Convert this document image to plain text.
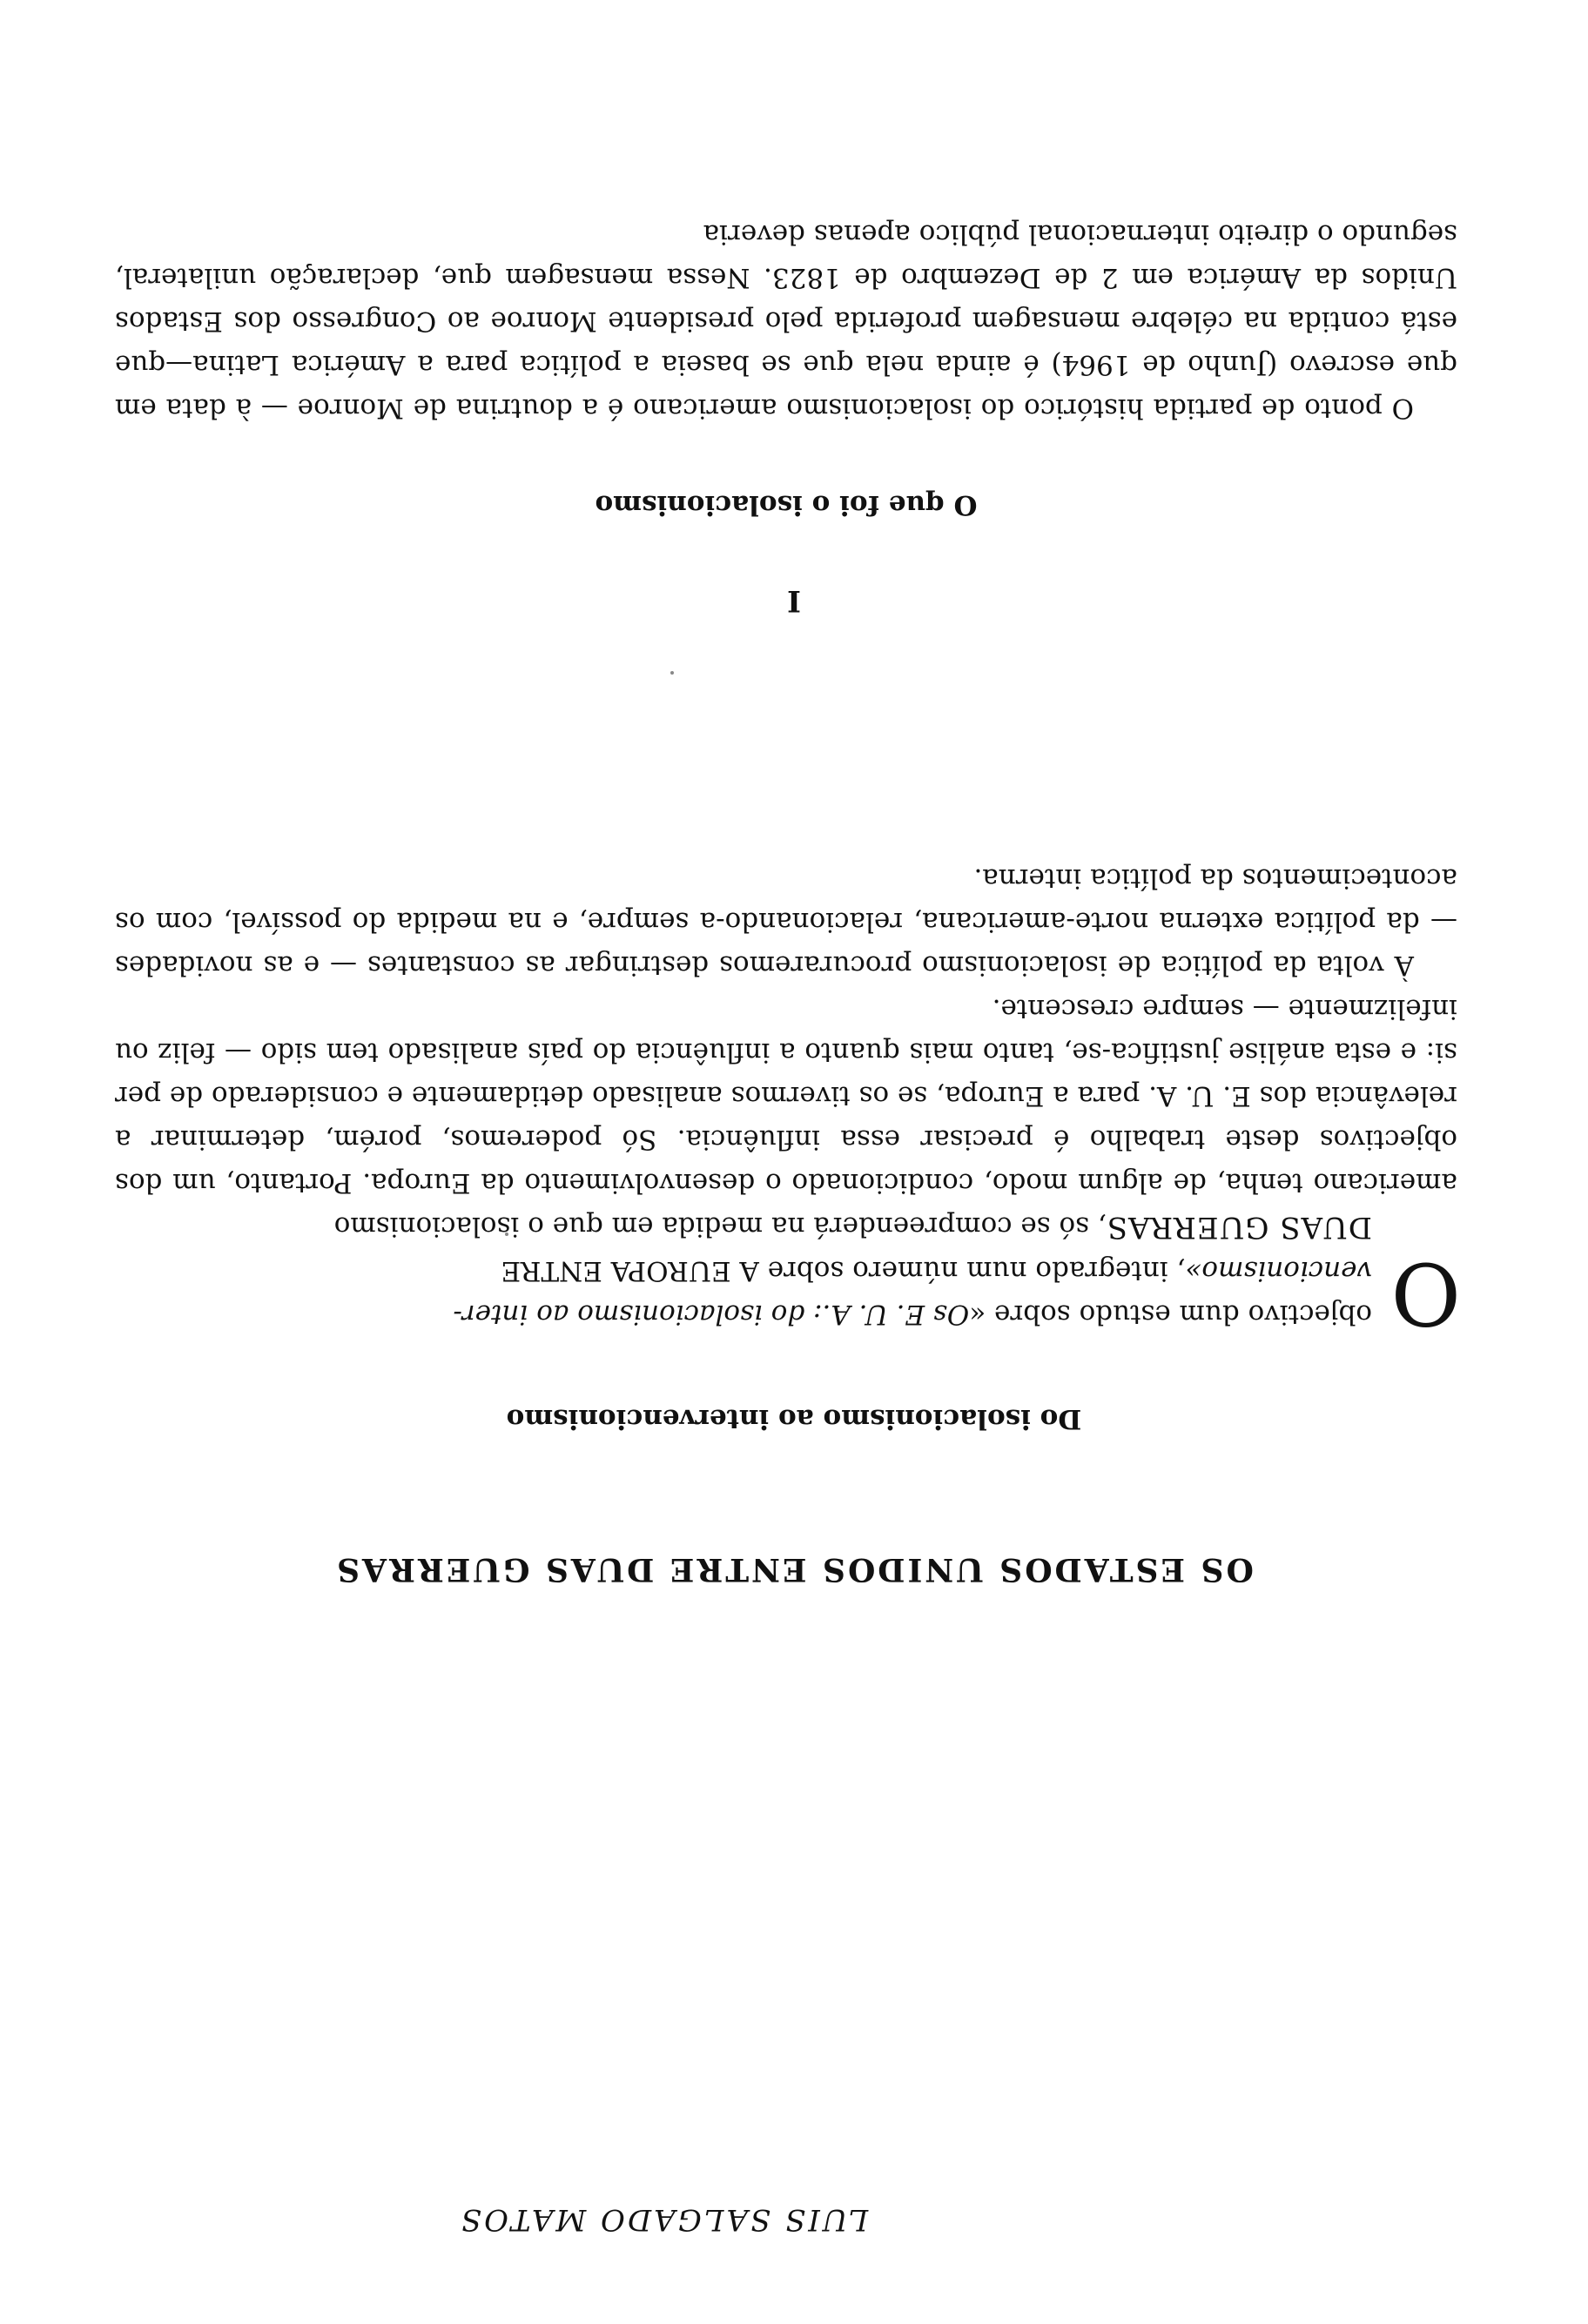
LUIS SALGADO MATOS
OS ESTADOS UNIDOS ENTRE DUAS GUERRAS
Do isolacionismo ao intervencionismo

O
objectivo dum estudo sobre «Os E. U. A.: do isolacionismo ao inter-
vencionismo», integrado num número sobre A EUROPA ENTRE
DUAS GUERRAS, só se compreenderá na medida em que o isolacionismo

americano tenha, de algum modo, condicionado o desenvolvimento da Europa. Portanto, um dos objectivos deste trabalho é precisar essa influência. Só poderemos, porém, determinar a relevância dos E. U. A. para a Europa, se os tivermos analisado detidamente e considerado de per si: e esta análise justifica-se, tanto mais quanto a influência do país analisado tem sido — feliz ou infelizmente — sempre crescente.

À volta da política de isolacionismo procuraremos destringar as constantes — e as novidades — da política externa norte-americana, relacionando-a sempre, e na medida do possível, com os acontecimentos da política interna.

I
O que foi o isolacionismo

O ponto de partida histórico do isolacionismo americano é a doutrina de Monroe — à data em que escrevo (Junho de 1964) é ainda nela que se baseia a política para a América Latina—que está contida na célebre mensagem proferida pelo presidente Monroe ao Congresso dos Estados Unidos da América em 2 de Dezembro de 1823. Nessa mensagem que, declaração unilateral, segundo o direito internacional público apenas deveria
